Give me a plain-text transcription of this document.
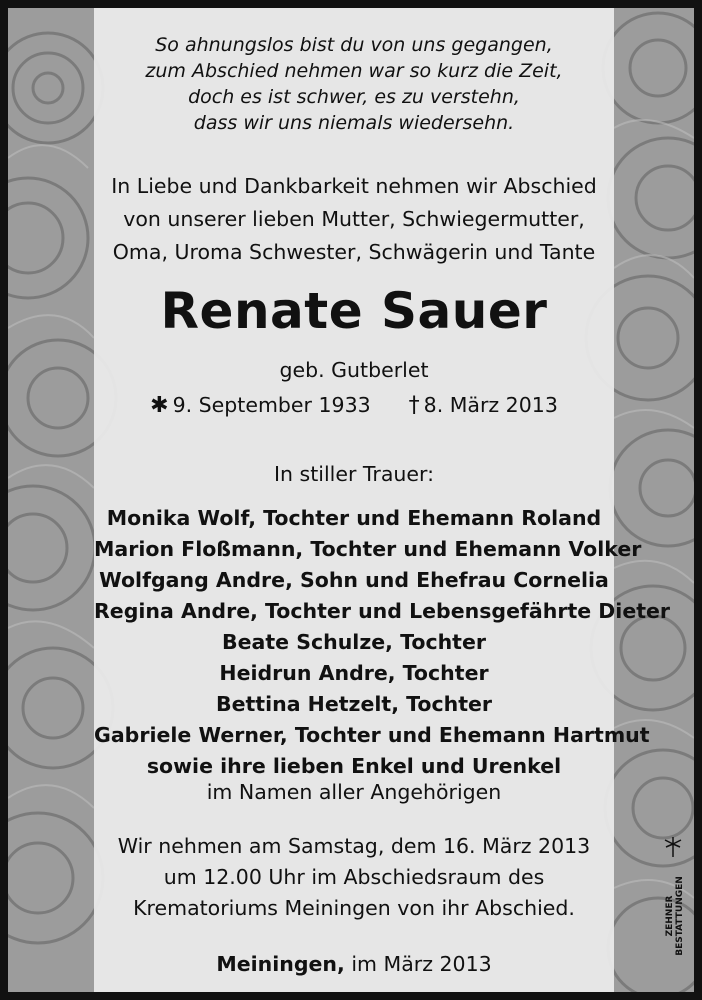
So ahnungslos bist du von uns gegangen,
zum Abschied nehmen war so kurz die Zeit,
doch es ist schwer, es zu verstehn,
dass wir uns niemals wiedersehn.
In Liebe und Dankbarkeit nehmen wir Abschied
von unserer lieben Mutter, Schwiegermutter,
Oma, Uroma Schwester, Schwägerin und Tante
Renate Sauer
geb. Gutberlet
✱ 9. September 1933 † 8. März 2013
In stiller Trauer:
Monika Wolf, Tochter und Ehemann Roland
Marion Floßmann, Tochter und Ehemann Volker
Wolfgang Andre, Sohn und Ehefrau Cornelia
Regina Andre, Tochter und Lebensgefährte Dieter
Beate Schulze, Tochter
Heidrun Andre, Tochter
Bettina Hetzelt, Tochter
Gabriele Werner, Tochter und Ehemann Hartmut
sowie ihre lieben Enkel und Urenkel
im Namen aller Angehörigen
Wir nehmen am Samstag, dem 16. März 2013
um 12.00 Uhr im Abschiedsraum des
Krematoriums Meiningen von ihr Abschied.
Meiningen, im März 2013
ZEHNER BESTATTUNGEN
